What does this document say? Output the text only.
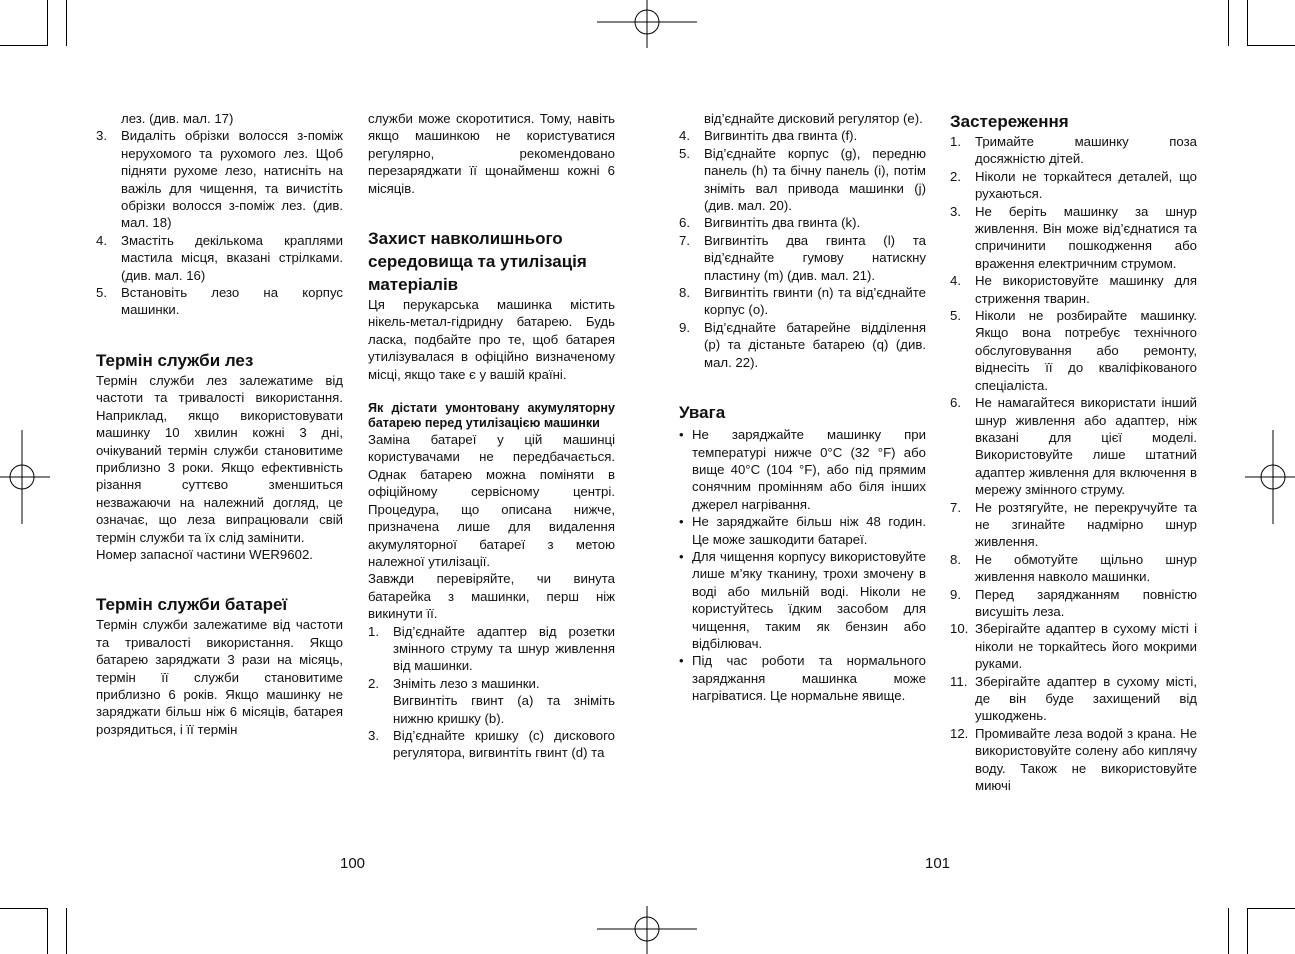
лез. (див. мал. 17)

3. Видаліть обрізки волосся з-поміж нерухомого та рухомого лез. Щоб підняти рухоме лезо, натисніть на важіль для чищення, та вичистіть обрізки волосся з-поміж лез. (див. мал. 18)
4. Змастіть декількома краплями мастила місця, вказані стрілками. (див. мал. 16)
5. Встановіть лезо на корпус машинки.
Термін служби лез

Термін служби лез залежатиме від частоти та тривалості використання. Наприклад, якщо використовувати машинку 10 хвилин кожні 3 дні, очікуваний термін служби становитиме приблизно 3 роки. Якщо ефективність різання суттєво зменшиться незважаючи на належний догляд, це означає, що леза випрацювали свій термін служби та їх слід замінити.

Номер запасної частини WER9602.

Термін служби батареї

Термін служби залежатиме від частоти та тривалості використання. Якщо батарею заряджати 3 рази на місяць, термін її служби становитиме приблизно 6 років. Якщо машинку не заряджати більш ніж 6 місяців, батарея розрядиться, і її термін

служби може скоротитися. Тому, навіть якщо машинкою не користуватися регулярно, рекомендовано перезаряджати її щонайменш кожні 6 місяців.

Захист навколишнього середовища та утилізація матеріалів

Ця перукарська машинка містить нікель-метал-гідридну батарею. Будь ласка, подбайте про те, щоб батарея утилізувалася в офіційно визначеному місці, якщо таке є у вашій країні.

Як дістати умонтовану акумуляторну батарею перед утилізацією машинки

Заміна батареї у цій машинці користувачами не передбачається. Однак батарею можна поміняти в офіційному сервісному центрі. Процедура, що описана нижче, призначена лише для видалення акумуляторної батареї з метою належної утилізації.

Завжди перевіряйте, чи винута батарейка з машинки, перш ніж викинути її.

1. Від’єднайте адаптер від розетки змінного струму та шнур живлення від машинки.
2. Зніміть лезо з машинки.
Вигвинтіть гвинт (a) та зніміть нижню кришку (b).
3. Від’єднайте кришку (c) дискового регулятора, вигвинтіть гвинт (d) та

від’єднайте дисковий регулятор (e).

4. Вигвинтіть два гвинта (f).
5. Від’єднайте корпус (g), передню панель (h) та бічну панель (i), потім зніміть вал привода машинки (j) (див. мал. 20).
6. Вигвинтіть два гвинта (k).
7. Вигвинтіть два гвинта (l) та від’єднайте гумову натискну пластину (m) (див. мал. 21).
8. Вигвинтіть гвинти (n) та від’єднайте корпус (o).
9. Від’єднайте батарейне відділення (p) та дістаньте батарею (q) (див. мал. 22).
Увага
• Не заряджайте машинку при температурі нижче 0°C (32 °F) або вище 40°C (104 °F), або під прямим сонячним промінням або біля інших джерел нагрівання.
• Не заряджайте більш ніж 48 годин. Це може зашкодити батареї.
• Для чищення корпусу використовуйте лише м’яку тканину, трохи змочену в воді або мильній воді. Ніколи не користуйтесь їдким засобом для чищення, таким як бензин або відбілювач.
• Під час роботи та нормального заряджання машинка може нагріватися. Це нормальне явище.
Застереження
1. Тримайте машинку поза досяжністю дітей.
2. Ніколи не торкайтеся деталей, що рухаються.
3. Не беріть машинку за шнур живлення. Він може від’єднатися та спричинити пошкодження або враження електричним струмом.
4. Не використовуйте машинку для стриження тварин.
5. Ніколи не розбирайте машинку. Якщо вона потребує технічного обслуговування або ремонту, віднесіть її до кваліфікованого спеціаліста.
6. Не намагайтеся використати інший шнур живлення або адаптер, ніж вказані для цієї моделі. Використовуйте лише штатний адаптер живлення для включення в мережу змінного струму.
7. Не розтягуйте, не перекручуйте та не згинайте надмірно шнур живлення.
8. Не обмотуйте щільно шнур живлення навколо машинки.
9. Перед заряджанням повністю висушіть леза.
10. Зберігайте адаптер в сухому місті і ніколи не торкайтесь його мокрими руками.
11. Зберігайте адаптер в сухому місті, де він буде захищений від ушкоджень.
12. Промивайте леза водой з крана. Не використовуйте солену або киплячу воду. Також не використовуйте миючі
100	101
